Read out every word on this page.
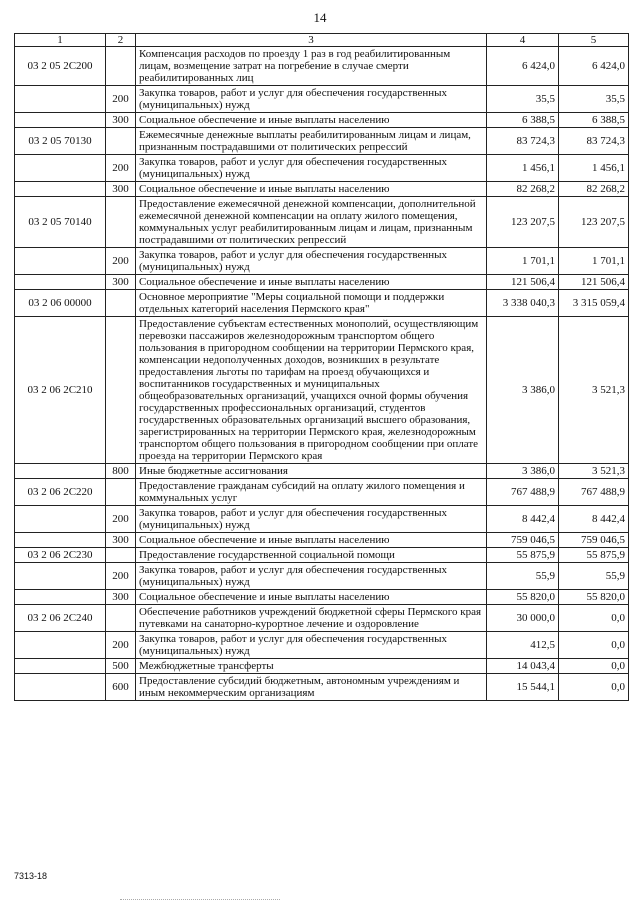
14
1	2	3	4	5
03 2 05 2С200		Компенсация расходов по проезду 1 раз в год реабилитированным лицам, возмещение затрат на погребение в случае смерти реабилитированных лиц	6 424,0	6 424,0
	200	Закупка товаров, работ и услуг для обеспечения государственных (муниципальных) нужд	35,5	35,5
	300	Социальное обеспечение и иные выплаты населению	6 388,5	6 388,5
03 2 05 70130		Ежемесячные денежные выплаты реабилитированным лицам и лицам, признанным пострадавшими от политических репрессий	83 724,3	83 724,3
	200	Закупка товаров, работ и услуг для обеспечения государственных (муниципальных) нужд	1 456,1	1 456,1
	300	Социальное обеспечение и иные выплаты населению	82 268,2	82 268,2
03 2 05 70140		Предоставление ежемесячной денежной компенсации, дополнительной ежемесячной денежной компенсации на оплату жилого помещения, коммунальных услуг реабилитированным лицам и лицам, признанным пострадавшими от политических репрессий	123 207,5	123 207,5
	200	Закупка товаров, работ и услуг для обеспечения государственных (муниципальных) нужд	1 701,1	1 701,1
	300	Социальное обеспечение и иные выплаты населению	121 506,4	121 506,4
03 2 06 00000		Основное мероприятие "Меры социальной помощи и поддержки отдельных категорий населения Пермского края"	3 338 040,3	3 315 059,4
03 2 06 2С210		Предоставление субъектам естественных монополий, осуществляющим перевозки пассажиров железнодорожным транспортом общего пользования в пригородном сообщении на территории Пермского края, компенсации недополученных доходов, возникших в результате предоставления льготы по тарифам на проезд обучающихся и воспитанников государственных и муниципальных общеобразовательных организаций, учащихся очной формы обучения государственных профессиональных организаций, студентов государственных образовательных организаций высшего образования, зарегистрированных на территории Пермского края, железнодорожным транспортом общего пользования в пригородном сообщении при оплате проезда на территории Пермского края	3 386,0	3 521,3
	800	Иные бюджетные ассигнования	3 386,0	3 521,3
03 2 06 2С220		Предоставление гражданам субсидий на оплату жилого помещения и коммунальных услуг	767 488,9	767 488,9
	200	Закупка товаров, работ и услуг для обеспечения государственных (муниципальных) нужд	8 442,4	8 442,4
	300	Социальное обеспечение и иные выплаты населению	759 046,5	759 046,5
03 2 06 2С230		Предоставление государственной социальной помощи	55 875,9	55 875,9
	200	Закупка товаров, работ и услуг для обеспечения государственных (муниципальных) нужд	55,9	55,9
	300	Социальное обеспечение и иные выплаты населению	55 820,0	55 820,0
03 2 06 2С240		Обеспечение работников учреждений бюджетной сферы Пермского края путевками на санаторно-курортное лечение и оздоровление	30 000,0	0,0
	200	Закупка товаров, работ и услуг для обеспечения государственных (муниципальных) нужд	412,5	0,0
	500	Межбюджетные трансферты	14 043,4	0,0
	600	Предоставление субсидий бюджетным, автономным учреждениям и иным некоммерческим организациям	15 544,1	0,0
7313-18
